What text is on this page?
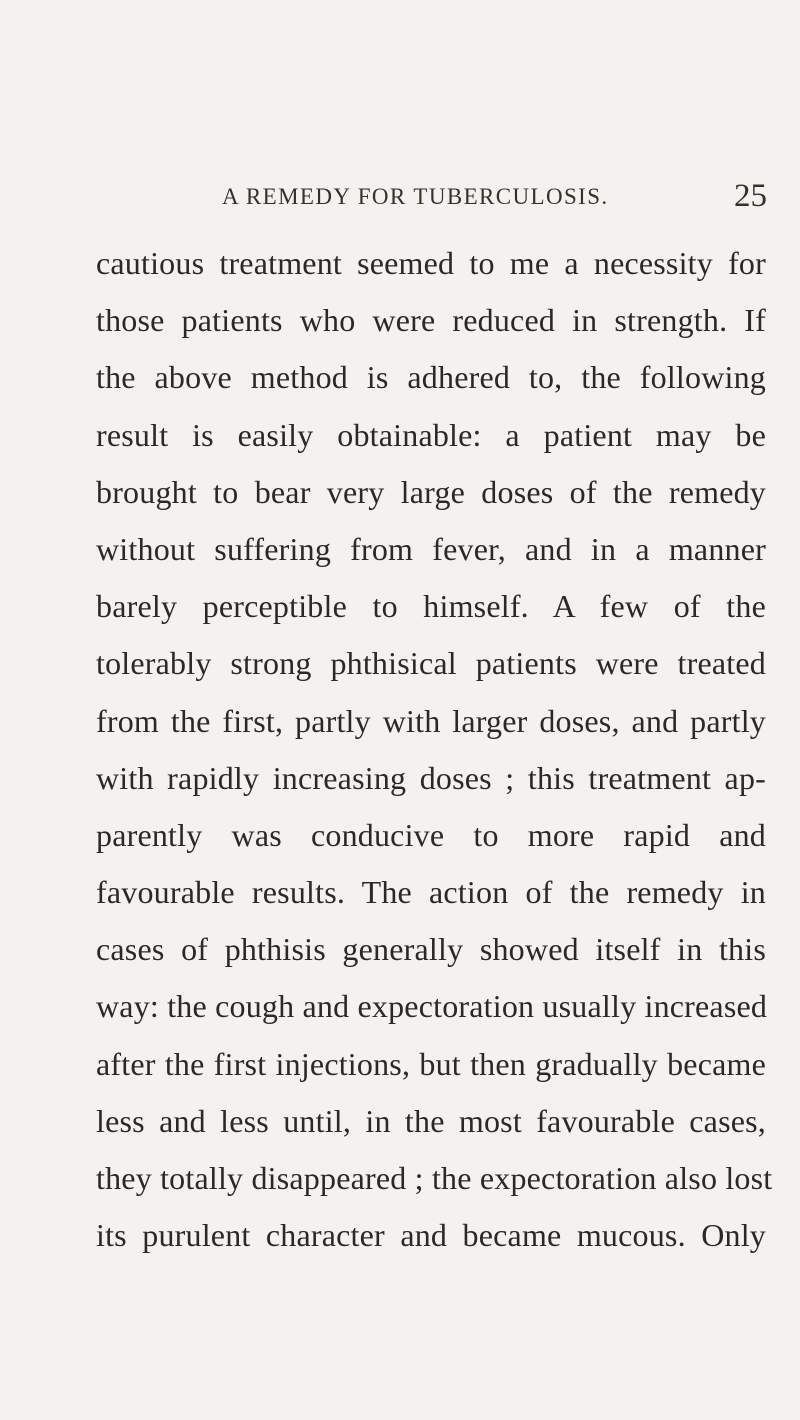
A REMEDY FOR TUBERCULOSIS.	25
cautious treatment seemed to me a necessity for
those patients who were reduced in strength. If
the above method is adhered to, the following
result is easily obtainable: a patient may be
brought to bear very large doses of the remedy
without suffering from fever, and in a manner
barely perceptible to himself. A few of the
tolerably strong phthisical patients were treated
from the first, partly with larger doses, and partly
with rapidly increasing doses ; this treatment ap-
parently was conducive to more rapid and
favourable results. The action of the remedy in
cases of phthisis generally showed itself in this
way: the cough and expectoration usually increased
after the first injections, but then gradually became
less and less until, in the most favourable cases,
they totally disappeared ; the expectoration also lost
its purulent character and became mucous. Only
